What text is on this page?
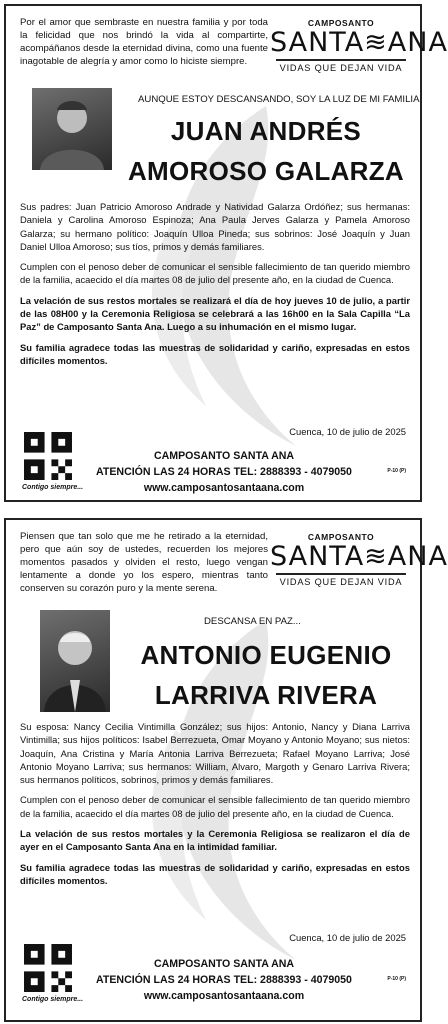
Por el amor que sembraste en nuestra familia y por toda la felicidad que nos brindó la vida al compartirte, acompáñanos desde la eternidad divina, como una fuente inagotable de alegría y amor como lo hiciste siempre.
CAMPOSANTO
SANTA≋ANA
VIDAS QUE DEJAN VIDA
AUNQUE ESTOY DESCANSANDO, SOY LA LUZ DE MI FAMILIA
JUAN ANDRÉS
AMOROSO GALARZA

Sus padres: Juan Patricio Amoroso Andrade y Natividad Galarza Ordóñez; sus hermanas: Daniela y Carolina Amoroso Espinoza; Ana Paula Jerves Galarza y Pamela Amoroso Galarza; su hermano político: Joaquín Ulloa Pineda; sus sobrinos: José Joaquín y Juan Daniel Ulloa Amoroso; sus tíos, primos y demás familiares.

Cumplen con el penoso deber de comunicar el sensible fallecimiento de tan querido miembro de la familia, acaecido el día martes 08 de julio del presente año, en la ciudad de Cuenca.

La velación de sus restos mortales se realizará el día de hoy jueves 10 de julio, a partir de las 08H00 y la Ceremonia Religiosa se celebrará a las 16h00 en la Sala Capilla “La Paz” de Camposanto Santa Ana. Luego a su inhumación en el mismo lugar.

Su familia agradece todas las muestras de solidaridad y cariño, expresadas en estos difíciles momentos.

Cuenca, 10 de julio de 2025
Contigo siempre...
CAMPOSANTO SANTA ANA
ATENCIÓN LAS 24 HORAS TEL: 2888393 - 4079050
www.camposantosantaana.com
P-10 (P)
Piensen que tan solo que me he retirado a la eternidad, pero que aún soy de ustedes, recuerden los mejores momentos pasados y olviden el resto, luego vengan lentamente a donde yo los espero, mientras tanto conserven su corazón puro y la mente serena.
CAMPOSANTO
SANTA≋ANA
VIDAS QUE DEJAN VIDA
DESCANSA EN PAZ...
ANTONIO EUGENIO
LARRIVA RIVERA

Su esposa: Nancy Cecilia Vintimilla González; sus hijos: Antonio, Nancy y Diana Larriva Vintimilla; sus hijos políticos: Isabel Berrezueta, Omar Moyano y Antonio Moyano; sus nietos: Joaquín, Ana Cristina y María Antonia Larriva Berrezueta; Rafael Moyano Larriva; José Antonio Moyano Larriva; sus hermanos: William, Alvaro, Margoth y Genaro Larriva Rivera; sus hermanos políticos, sobrinos, primos y demás familiares.

Cumplen con el penoso deber de comunicar el sensible fallecimiento de tan querido miembro de la familia, acaecido el día martes 08 de julio del presente año, en la ciudad de Cuenca.

La velación de sus restos mortales y la Ceremonia Religiosa se realizaron el día de ayer en el Camposanto Santa Ana en la intimidad familiar.

Su familia agradece todas las muestras de solidaridad y cariño, expresadas en estos difíciles momentos.

Cuenca, 10 de julio de 2025
Contigo siempre...
CAMPOSANTO SANTA ANA
ATENCIÓN LAS 24 HORAS TEL: 2888393 - 4079050
www.camposantosantaana.com
P-10 (P)
